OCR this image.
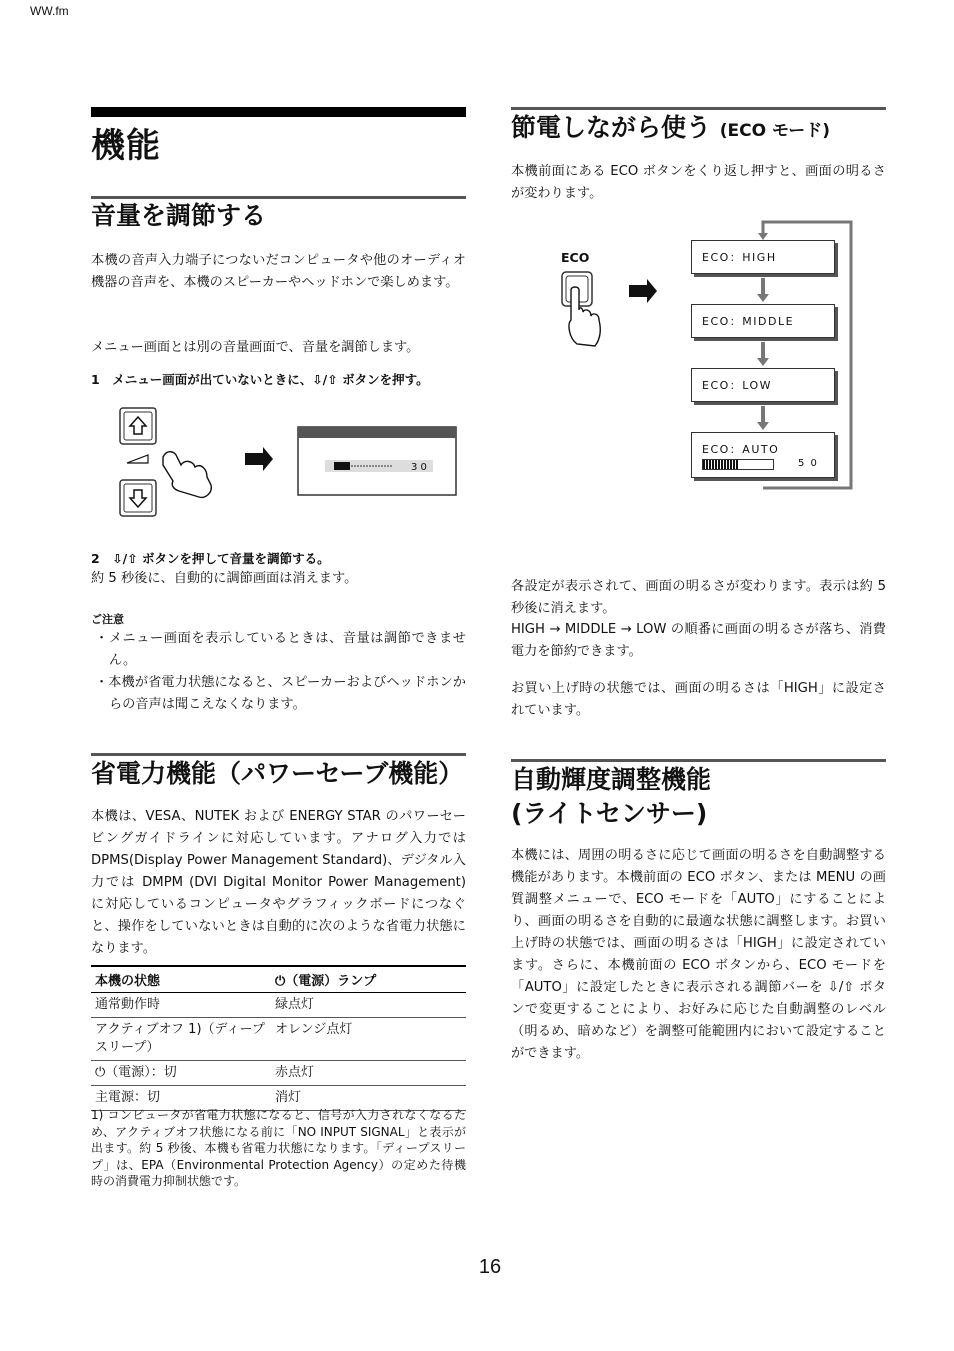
WW.fm
機能
音量を調節する
本機の音声入力端子につないだコンピュータや他のオーディオ機器の音声を、本機のスピーカーやヘッドホンで楽しめます。
メニュー画面とは別の音量画面で、音量を調節します。
1　メニュー画面が出ていないときに、⇩/⇧ ボタンを押す。
3 0
2　⇩/⇧ ボタンを押して音量を調節する。
約 5 秒後に、自動的に調節画面は消えます。
ご注意
・メニュー画面を表示しているときは、音量は調節できません。
・本機が省電力状態になると、スピーカーおよびヘッドホンからの音声は聞こえなくなります。
省電力機能（パワーセーブ機能）
本機は、VESA、NUTEK および ENERGY STAR のパワーセービングガイドラインに対応しています。アナログ入力では DPMS(Display Power Management Standard)、デジタル入力では DMPM (DVI Digital Monitor Power Management) に対応しているコンピュータやグラフィックボードにつなぐと、操作をしていないときは自動的に次のような省電力状態になります。
本機の状態	⏻（電源）ランプ
通常動作時	緑点灯
アクティブオフ 1)（ディープスリープ）	オレンジ点灯
⏻（電源）：切	赤点灯
主電源：切	消灯
1) コンピュータが省電力状態になると、信号が入力されなくなるため、アクティブオフ状態になる前に「NO INPUT SIGNAL」と表示が出ます。約 5 秒後、本機も省電力状態になります。「ディープスリープ」は、EPA（Environmental Protection Agency）の定めた待機時の消費電力抑制状態です。
節電しながら使う (ECO モード)
本機前面にある ECO ボタンをくり返し押すと、画面の明るさが変わります。
ECO	ECO：HIGH
ECO：MIDDLE
ECO：LOW
ECO：AUTO
5 0
各設定が表示されて、画面の明るさが変わります。表示は約 5 秒後に消えます。
HIGH → MIDDLE → LOW の順番に画面の明るさが落ち、消費電力を節約できます。
お買い上げ時の状態では、画面の明るさは「HIGH」に設定されています。
自動輝度調整機能
(ライトセンサー)
本機には、周囲の明るさに応じて画面の明るさを自動調整する機能があります。本機前面の ECO ボタン、または MENU の画質調整メニューで、ECO モードを「AUTO」にすることにより、画面の明るさを自動的に最適な状態に調整します。お買い上げ時の状態では、画面の明るさは「HIGH」に設定されています。さらに、本機前面の ECO ボタンから、ECO モードを「AUTO」に設定したときに表示される調節バーを ⇩/⇧ ボタンで変更することにより、お好みに応じた自動調整のレベル（明るめ、暗めなど）を調整可能範囲内において設定することができます。
16
